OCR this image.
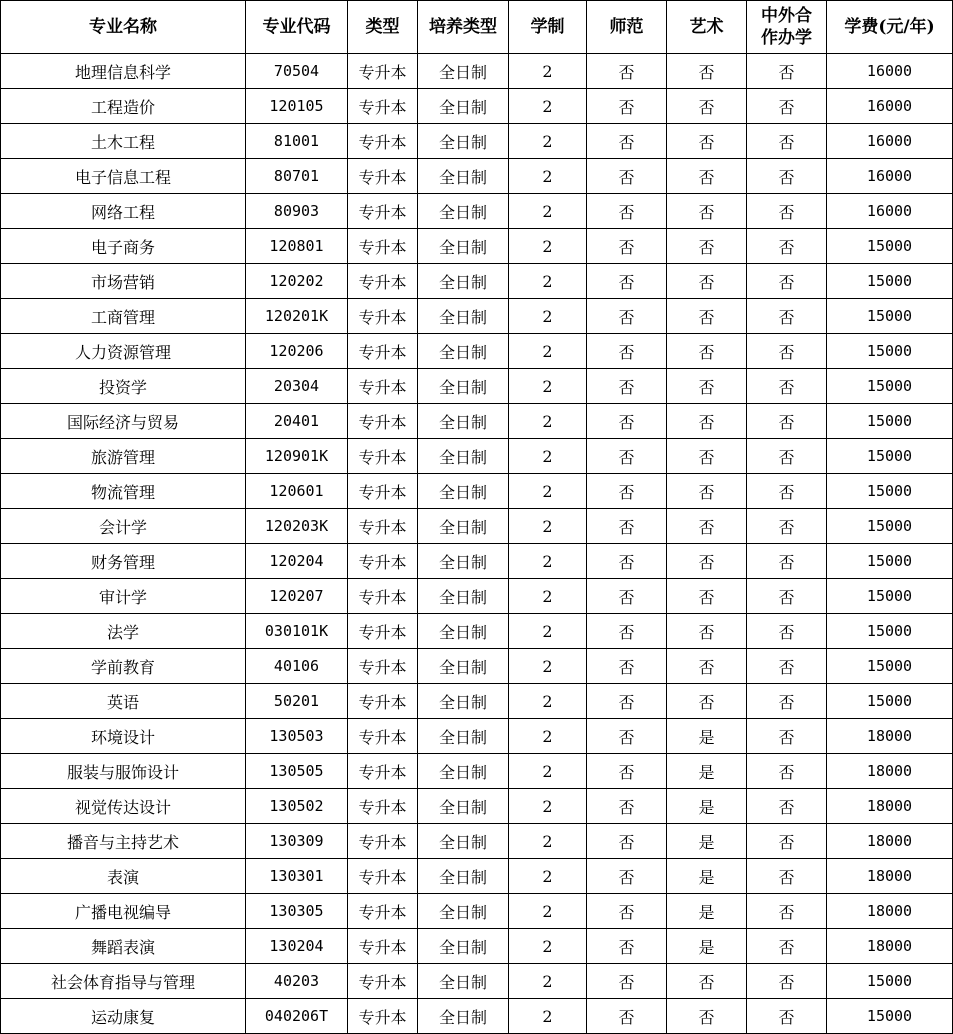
专业名称	专业代码	类型	培养类型	学制	师范	艺术	中外合作办学	学费(元/年)
地理信息科学	70504	专升本	全日制	2	否	否	否	16000
工程造价	120105	专升本	全日制	2	否	否	否	16000
土木工程	81001	专升本	全日制	2	否	否	否	16000
电子信息工程	80701	专升本	全日制	2	否	否	否	16000
网络工程	80903	专升本	全日制	2	否	否	否	16000
电子商务	120801	专升本	全日制	2	否	否	否	15000
市场营销	120202	专升本	全日制	2	否	否	否	15000
工商管理	120201K	专升本	全日制	2	否	否	否	15000
人力资源管理	120206	专升本	全日制	2	否	否	否	15000
投资学	20304	专升本	全日制	2	否	否	否	15000
国际经济与贸易	20401	专升本	全日制	2	否	否	否	15000
旅游管理	120901K	专升本	全日制	2	否	否	否	15000
物流管理	120601	专升本	全日制	2	否	否	否	15000
会计学	120203K	专升本	全日制	2	否	否	否	15000
财务管理	120204	专升本	全日制	2	否	否	否	15000
审计学	120207	专升本	全日制	2	否	否	否	15000
法学	030101K	专升本	全日制	2	否	否	否	15000
学前教育	40106	专升本	全日制	2	否	否	否	15000
英语	50201	专升本	全日制	2	否	否	否	15000
环境设计	130503	专升本	全日制	2	否	是	否	18000
服装与服饰设计	130505	专升本	全日制	2	否	是	否	18000
视觉传达设计	130502	专升本	全日制	2	否	是	否	18000
播音与主持艺术	130309	专升本	全日制	2	否	是	否	18000
表演	130301	专升本	全日制	2	否	是	否	18000
广播电视编导	130305	专升本	全日制	2	否	是	否	18000
舞蹈表演	130204	专升本	全日制	2	否	是	否	18000
社会体育指导与管理	40203	专升本	全日制	2	否	否	否	15000
运动康复	040206T	专升本	全日制	2	否	否	否	15000
